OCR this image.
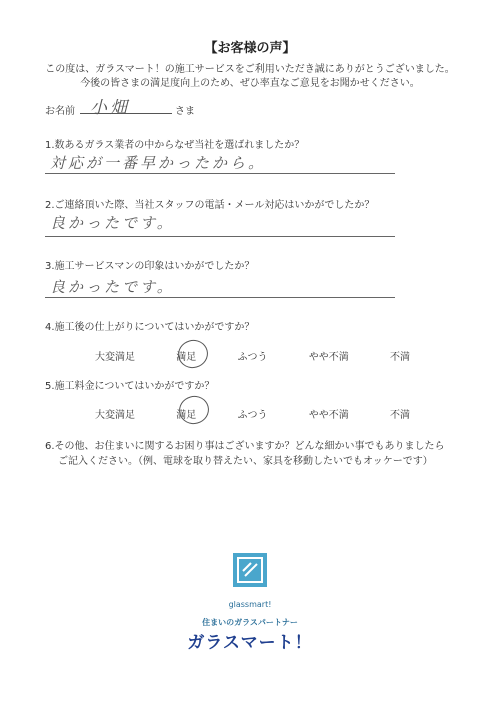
【お客様の声】
この度は、ガラスマート！の施工サービスをご利用いただき誠にありがとうございました。
今後の皆さまの満足度向上のため、ぜひ率直なご意見をお聞かせください。
お名前 小畑	さま
1.数あるガラス業者の中からなぜ当社を選ばれましたか？
対応が一番早かったから。
2.ご連絡頂いた際、当社スタッフの電話・メール対応はいかがでしたか？
良かったです。
3.施工サービスマンの印象はいかがでしたか？
良かったです。
4.施工後の仕上がりについてはいかがですか？
大変満足	満足	ふつう	やや不満	不満
5.施工料金についてはいかがですか？
大変満足	満足	ふつう	やや不満	不満
6.その他、お住まいに関するお困り事はございますか？どんな細かい事でもありましたら
ご記入ください。（例、電球を取り替えたい、家具を移動したいでもオッケーです）
glassmart!
住まいのガラスパートナー
ガラスマート！
